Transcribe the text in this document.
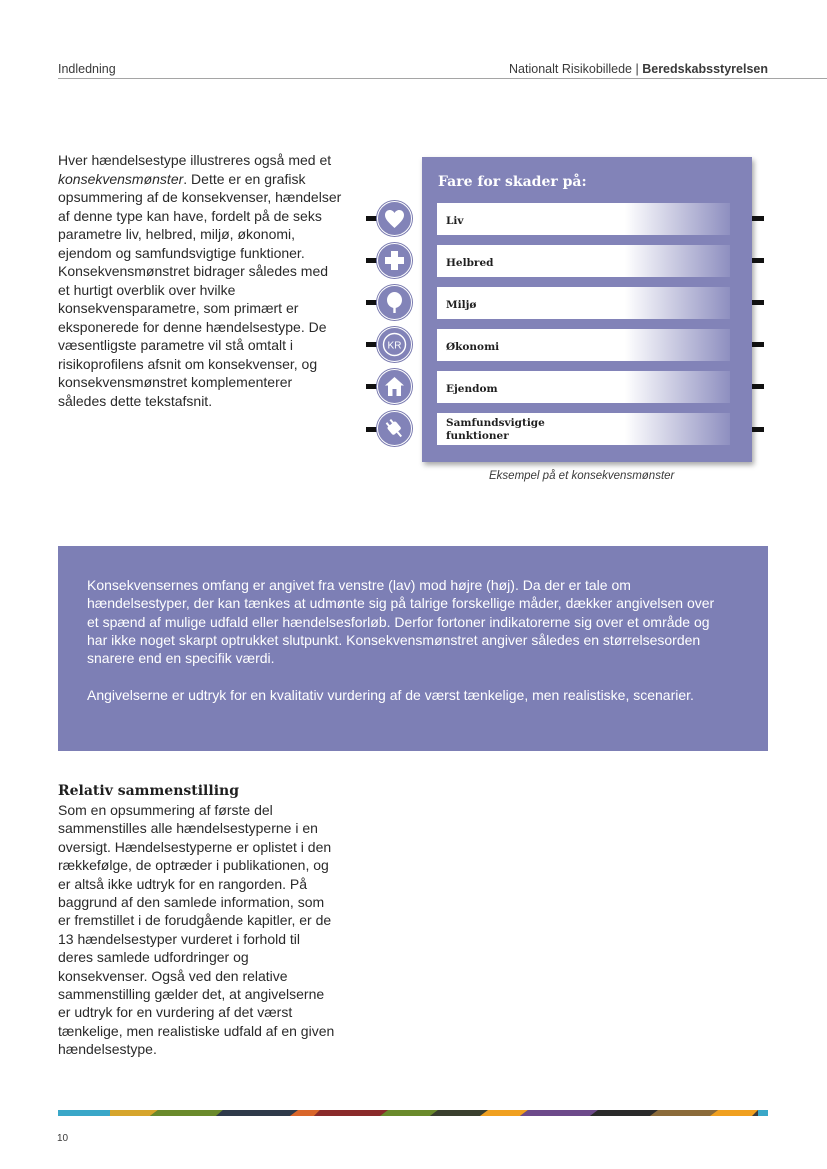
Indledning	Nationalt Risikobillede | Beredskabsstyrelsen
Hver hændelsestype illustreres også med et konsekvensmønster. Dette er en grafisk opsummering af de konsekvenser, hændelser af denne type kan have, fordelt på de seks parametre liv, helbred, miljø, økonomi, ejendom og samfundsvigtige funktioner. Konsekvensmønstret bidrager således med et hurtigt overblik over hvilke konsekvensparametre, som primært er eksponerede for denne hændelsestype. De væsentligste parametre vil stå omtalt i risikoprofilens afsnit om konsekvenser, og konsekvensmønstret komplementerer således dette tekstafsnit.
Fare for skader på:
Liv
Helbred
Miljø
Økonomi
Ejendom
Samfundsvigtige
funktioner
KR
Eksempel på et konsekvensmønster

Konsekvensernes omfang er angivet fra venstre (lav) mod højre (høj). Da der er tale om hændelsestyper, der kan tænkes at udmønte sig på talrige forskellige måder, dækker angivelsen over et spænd af mulige udfald eller hændelsesforløb. Derfor fortoner indikatorerne sig over et område og har ikke noget skarpt optrukket slutpunkt. Konsekvensmønstret angiver således en størrelsesorden snarere end en specifik værdi.

Angivelserne er udtryk for en kvalitativ vurdering af de værst tænkelige, men realistiske, scenarier.

Relativ sammenstilling
Som en opsummering af første del sammenstilles alle hændelsestyperne i en oversigt. Hændelsestyperne er oplistet i den rækkefølge, de optræder i publikationen, og er altså ikke udtryk for en rangorden. På baggrund af den samlede information, som er fremstillet i de forudgående kapitler, er de 13 hændelsestyper vurderet i forhold til deres samlede udfordringer og konsekvenser. Også ved den relative sammenstilling gælder det, at angivelserne er udtryk for en vurdering af det værst tænkelige, men realistiske udfald af en given hændelsestype.
10
